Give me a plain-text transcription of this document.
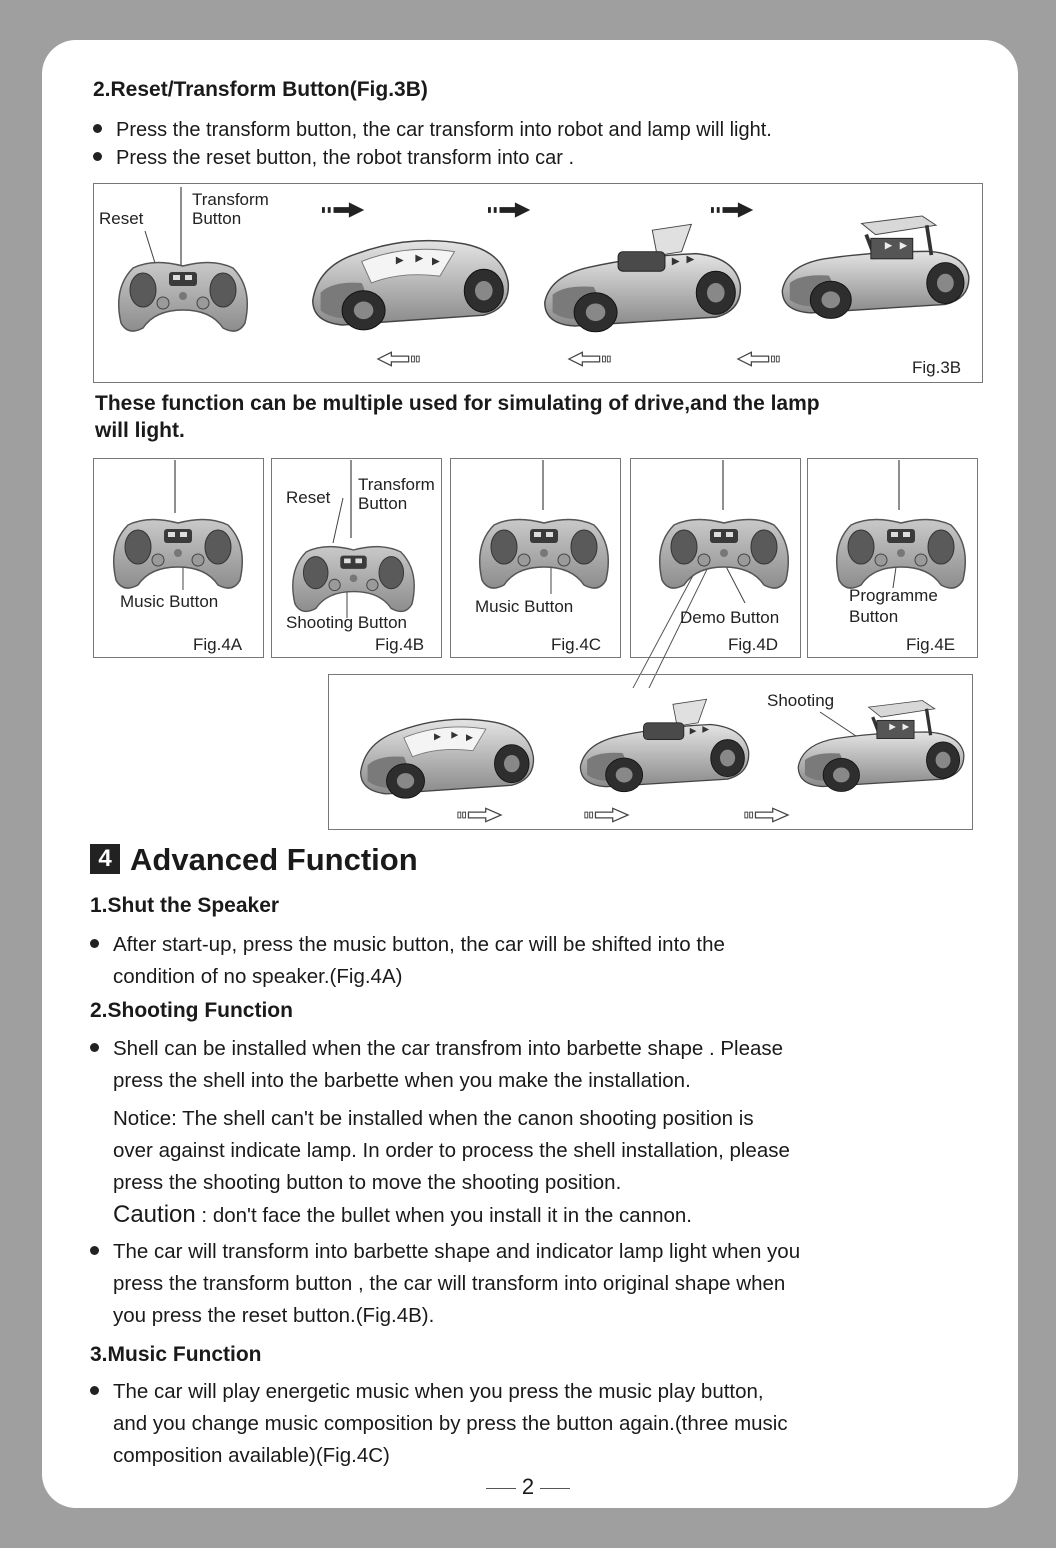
2.Reset/Transform Button(Fig.3B)
Press the transform button, the car transform into robot and lamp will light.
Press the reset button, the robot transform into car .
Reset
Transform
Button
Fig.3B
These function can be multiple used for simulating of drive,and the lamp
will light.
Music Button
Fig.4A
Reset
Transform
Button
Shooting Button
Fig.4B
Music Button
Fig.4C
Demo Button
Fig.4D
Programme
Button
Fig.4E
Shooting
4 Advanced Function
1.Shut the Speaker
After start-up, press the music button, the car will be shifted into the
condition of no speaker.(Fig.4A)
2.Shooting Function
Shell can be installed when the car transfrom into barbette shape . Please
press the shell into the barbette when you make the installation.
Notice: The shell can't be installed when the canon shooting position is
over against indicate lamp. In order to process the shell installation, please
press the shooting button to move the shooting position.
Caution : don't face the bullet when you install it in the cannon.
The car will transform into barbette shape and indicator lamp light when you
press the transform button , the car will transform into original shape when
you press the reset button.(Fig.4B).
3.Music Function
The car will play energetic music when you press the music play button,
and you change music composition by press the button again.(three music
composition available)(Fig.4C)
2
